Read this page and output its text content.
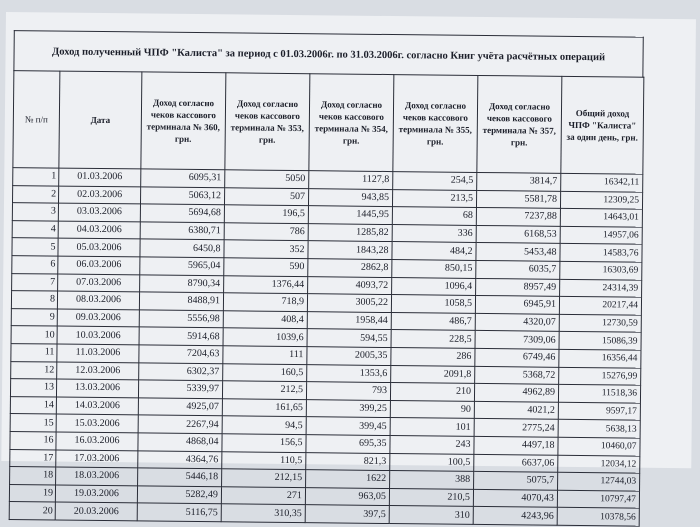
Доход полученный ЧПФ "Калиста" за период с 01.03.2006г. по 31.03.2006г. согласно Книг учёта расчётных операций
№ п/п	Дата	Доход согласно чеков кассового терминала № 360, грн.	Доход согласно чеков кассового терминала № 353, грн.	Доход согласно чеков кассового терминала № 354, грн.	Доход согласно чеков кассового терминала № 355, грн.	Доход согласно чеков кассового терминала № 357, грн.	Общий доход ЧПФ "Калиста" за один день, грн.
1	01.03.2006	6095,31	5050	1127,8	254,5	3814,7	16342,11
2	02.03.2006	5063,12	507	943,85	213,5	5581,78	12309,25
3	03.03.2006	5694,68	196,5	1445,95	68	7237,88	14643,01
4	04.03.2006	6380,71	786	1285,82	336	6168,53	14957,06
5	05.03.2006	6450,8	352	1843,28	484,2	5453,48	14583,76
6	06.03.2006	5965,04	590	2862,8	850,15	6035,7	16303,69
7	07.03.2006	8790,34	1376,44	4093,72	1096,4	8957,49	24314,39
8	08.03.2006	8488,91	718,9	3005,22	1058,5	6945,91	20217,44
9	09.03.2006	5556,98	408,4	1958,44	486,7	4320,07	12730,59
10	10.03.2006	5914,68	1039,6	594,55	228,5	7309,06	15086,39
11	11.03.2006	7204,63	111	2005,35	286	6749,46	16356,44
12	12.03.2006	6302,37	160,5	1353,6	2091,8	5368,72	15276,99
13	13.03.2006	5339,97	212,5	793	210	4962,89	11518,36
14	14.03.2006	4925,07	161,65	399,25	90	4021,2	9597,17
15	15.03.2006	2267,94	94,5	399,45	101	2775,24	5638,13
16	16.03.2006	4868,04	156,5	695,35	243	4497,18	10460,07
17	17.03.2006	4364,76	110,5	821,3	100,5	6637,06	12034,12
18	18.03.2006	5446,18	212,15	1622	388	5075,7	12744,03
19	19.03.2006	5282,49	271	963,05	210,5	4070,43	10797,47
20	20.03.2006	5116,75	310,35	397,5	310	4243,96	10378,56
